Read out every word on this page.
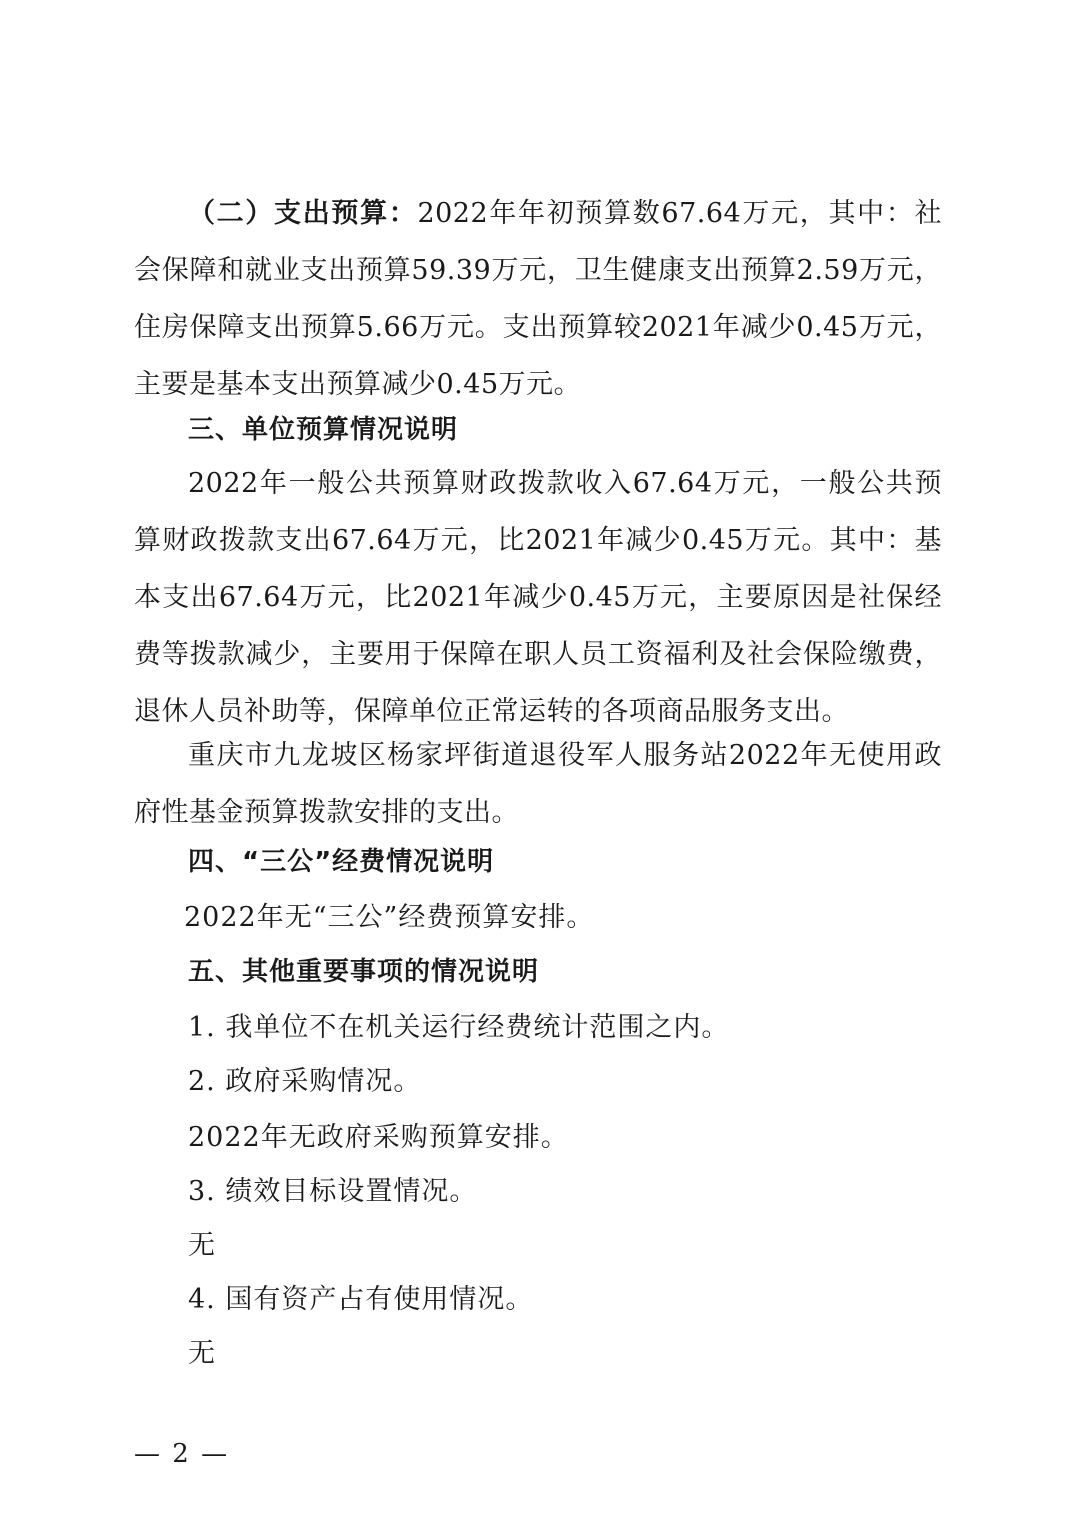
（二）支出预算：2022年年初预算数67.64万元，其中：社会保障和就业支出预算59.39万元，卫生健康支出预算2.59万元，住房保障支出预算5.66万元。支出预算较2021年减少0.45万元，主要是基本支出预算减少0.45万元。
三、单位预算情况说明
2022年一般公共预算财政拨款收入67.64万元，一般公共预算财政拨款支出67.64万元，比2021年减少0.45万元。其中：基本支出67.64万元，比2021年减少0.45万元，主要原因是社保经费等拨款减少，主要用于保障在职人员工资福利及社会保险缴费，退休人员补助等，保障单位正常运转的各项商品服务支出。
重庆市九龙坡区杨家坪街道退役军人服务站2022年无使用政府性基金预算拨款安排的支出。
四、“三公”经费情况说明
2022年无“三公”经费预算安排。
五、其他重要事项的情况说明
1. 我单位不在机关运行经费统计范围之内。
2. 政府采购情况。
2022年无政府采购预算安排。
3. 绩效目标设置情况。
无
4. 国有资产占有使用情况。
无
— 2 —
